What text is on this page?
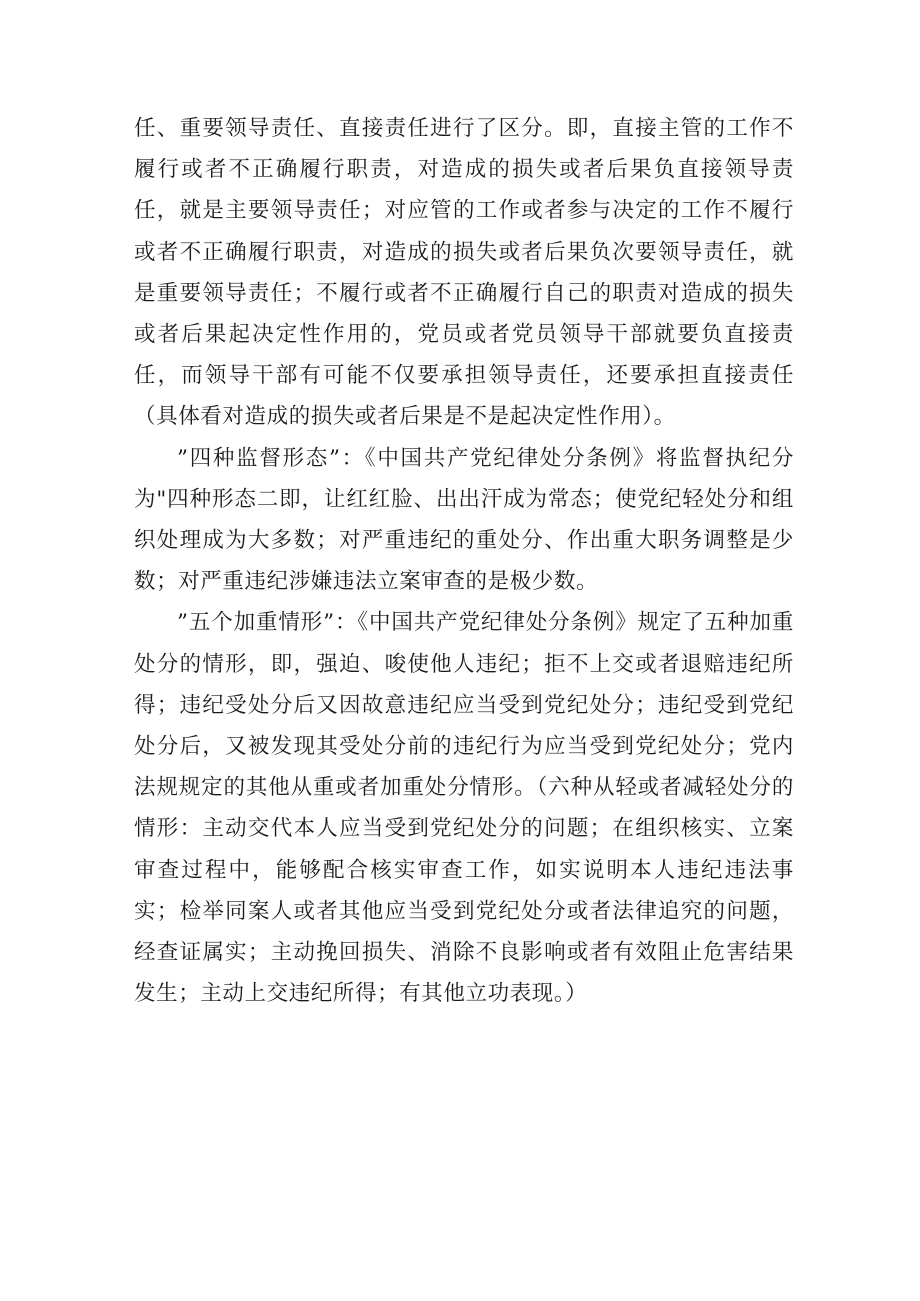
任、重要领导责任、直接责任进行了区分。即，直接主管的工作不履行或者不正确履行职责，对造成的损失或者后果负直接领导责任，就是主要领导责任；对应管的工作或者参与决定的工作不履行或者不正确履行职责，对造成的损失或者后果负次要领导责任，就是重要领导责任；不履行或者不正确履行自己的职责对造成的损失或者后果起决定性作用的，党员或者党员领导干部就要负直接责任，而领导干部有可能不仅要承担领导责任，还要承担直接责任（具体看对造成的损失或者后果是不是起决定性作用）。

”四种监督形态”：《中国共产党纪律处分条例》将监督执纪分为"四种形态二即，让红红脸、出出汗成为常态；使党纪轻处分和组织处理成为大多数；对严重违纪的重处分、作出重大职务调整是少数；对严重违纪涉嫌违法立案审查的是极少数。

”五个加重情形”：《中国共产党纪律处分条例》规定了五种加重处分的情形，即，强迫、唆使他人违纪；拒不上交或者退赔违纪所得；违纪受处分后又因故意违纪应当受到党纪处分；违纪受到党纪处分后，又被发现其受处分前的违纪行为应当受到党纪处分；党内法规规定的其他从重或者加重处分情形。（六种从轻或者减轻处分的情形：主动交代本人应当受到党纪处分的问题；在组织核实、立案审查过程中，能够配合核实审查工作，如实说明本人违纪违法事实；检举同案人或者其他应当受到党纪处分或者法律追究的问题，经查证属实；主动挽回损失、消除不良影响或者有效阻止危害结果发生；主动上交违纪所得；有其他立功表现。）
